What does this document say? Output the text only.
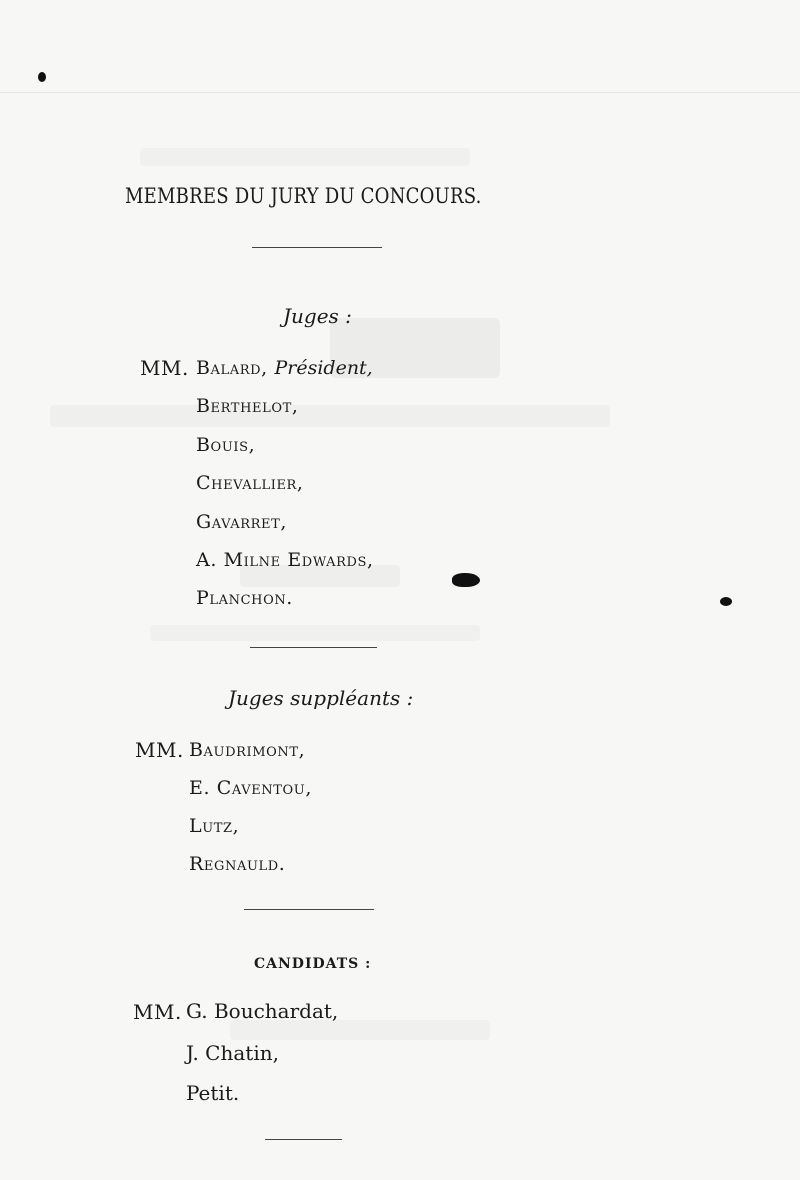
MEMBRES DU JURY DU CONCOURS.
Juges :
MM. Balard, Président,
Berthelot,
Bouis,
Chevallier,
Gavarret,
A. Milne Edwards,
Planchon.
Juges suppléants :
MM. Baudrimont,
E. Caventou,
Lutz,
Regnauld.
CANDIDATS :
MM. G. Bouchardat,
J. Chatin,
Petit.
